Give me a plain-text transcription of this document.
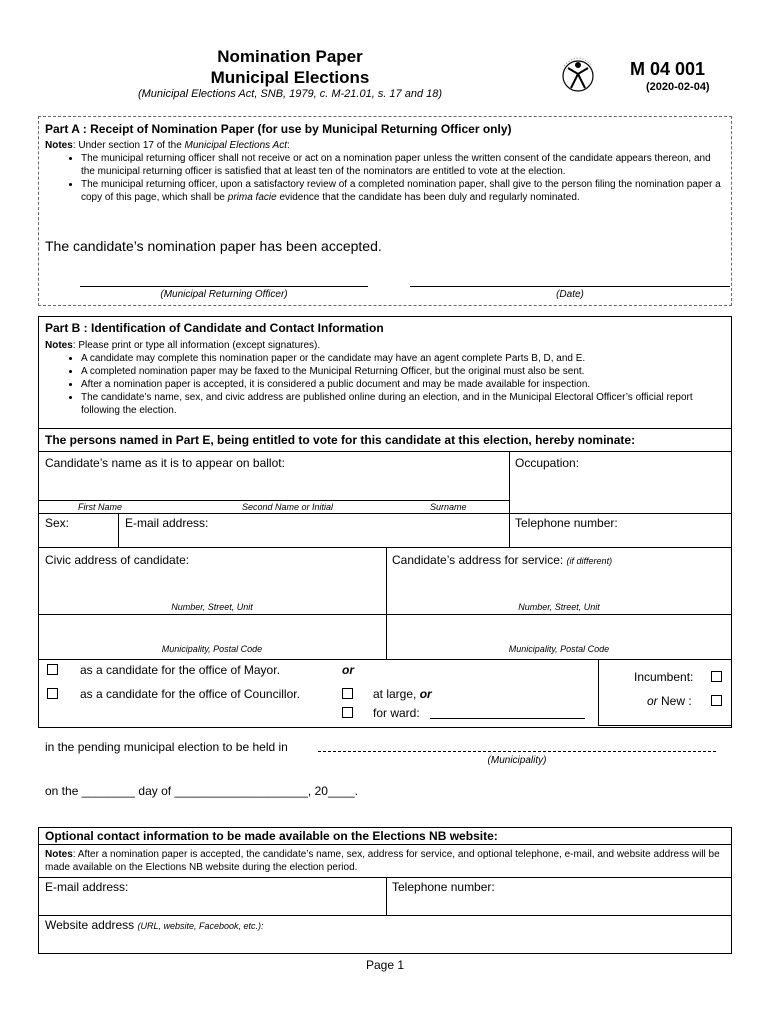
Nomination Paper
Municipal Elections
(Municipal Elections Act, SNB, 1979, c. M-21.01, s. 17 and 18)
M 04 001
(2020-02-04)
Part A : Receipt of Nomination Paper (for use by Municipal Returning Officer only)
Notes: Under section 17 of the Municipal Elections Act:
• The municipal returning officer shall not receive or act on a nomination paper unless the written consent of the candidate appears thereon, and the municipal returning officer is satisfied that at least ten of the nominators are entitled to vote at the election.
• The municipal returning officer, upon a satisfactory review of a completed nomination paper, shall give to the person filing the nomination paper a copy of this page, which shall be prima facie evidence that the candidate has been duly and regularly nominated.
The candidate’s nomination paper has been accepted.
(Municipal Returning Officer)	(Date)
Part B : Identification of Candidate and Contact Information
Notes: Please print or type all information (except signatures).
• A candidate may complete this nomination paper or the candidate may have an agent complete Parts B, D, and E.
• A completed nomination paper may be faxed to the Municipal Returning Officer, but the original must also be sent.
• After a nomination paper is accepted, it is considered a public document and may be made available for inspection.
• The candidate’s name, sex, and civic address are published online during an election, and in the Municipal Electoral Officer’s official report following the election.
The persons named in Part E, being entitled to vote for this candidate at this election, hereby nominate:
Candidate’s name as it is to appear on ballot:	Occupation:
First Name	Second Name or Initial	Surname
Sex:	E-mail address:	Telephone number:
Civic address of candidate:	Candidate’s address for service: (if different)
Number, Street, Unit	Number, Street, Unit
Municipality, Postal Code	Municipality, Postal Code
as a candidate for the office of Mayor.	or
as a candidate for the office of Councillor.	at large, or
for ward:
Incumbent:
or New :
in the pending municipal election to be held in
(Municipality)
on the ________ day of ____________________, 20____.
Optional contact information to be made available on the Elections NB website:
Notes: After a nomination paper is accepted, the candidate’s name, sex, address for service, and optional telephone, e-mail, and website address will be made available on the Elections NB website during the election period.
E-mail address:	Telephone number:
Website address (URL, website, Facebook, etc.):
Page 1
